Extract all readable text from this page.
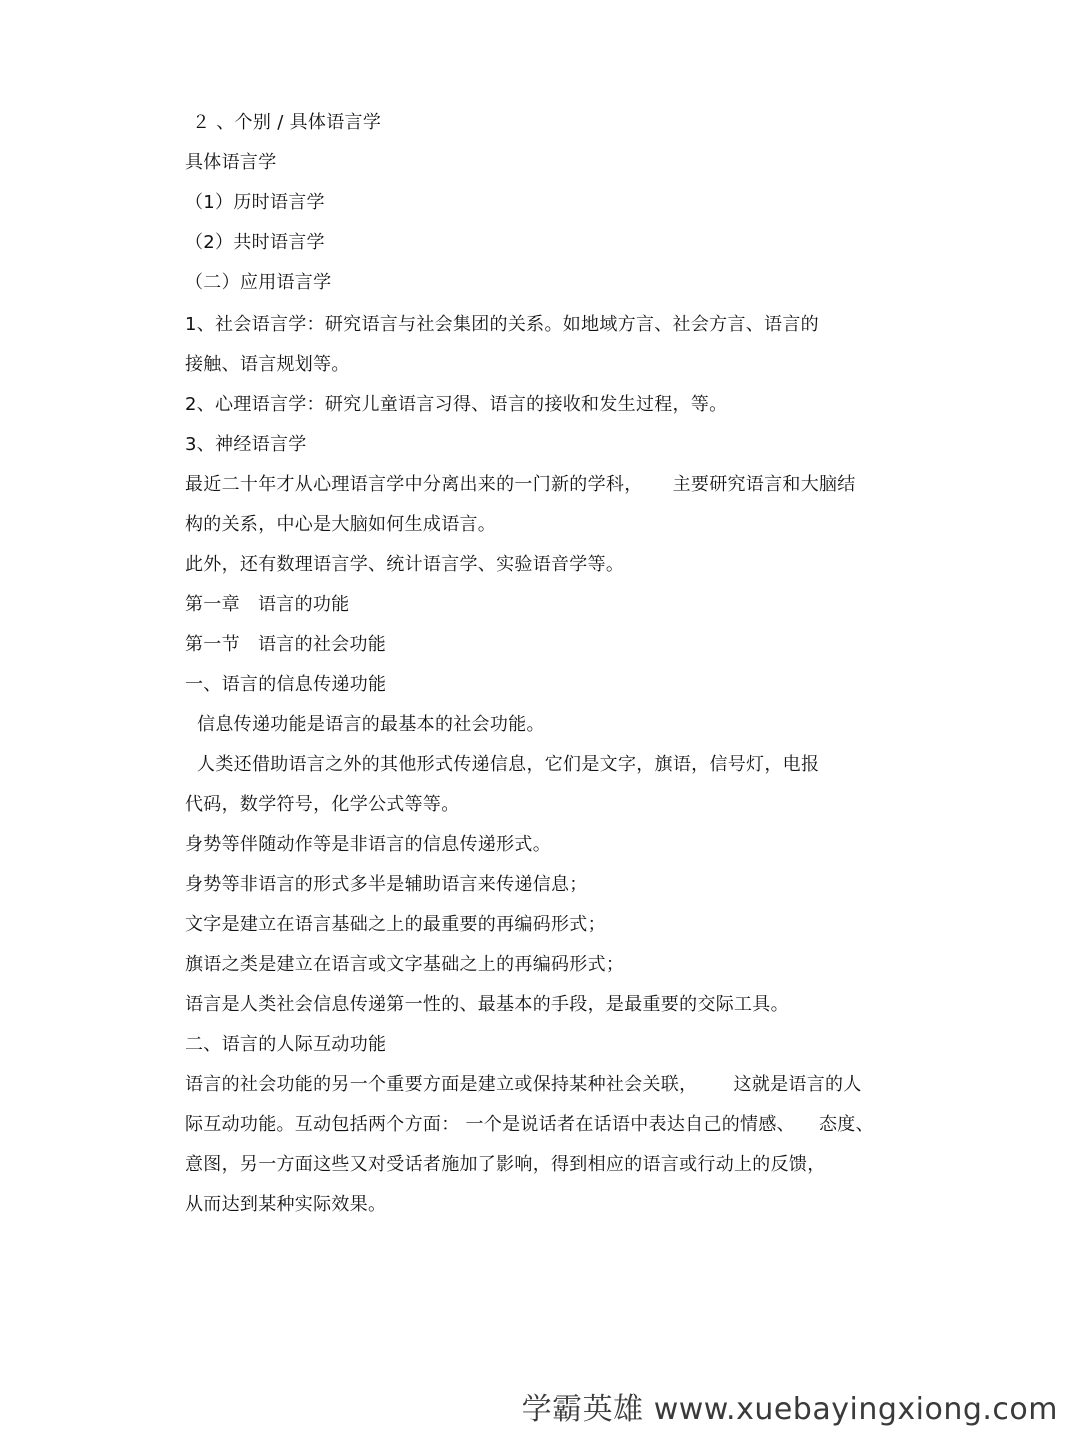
２ 、个别 / 具体语言学
具体语言学
（1）历时语言学
（2）共时语言学
（二）应用语言学
1、社会语言学：研究语言与社会集团的关系。如地域方言、社会方言、语言的
接触、语言规划等。
2、心理语言学：研究儿童语言习得、语言的接收和发生过程，等。
3、神经语言学
最近二十年才从心理语言学中分离出来的一门新的学科，     主要研究语言和大脑结
构的关系，中心是大脑如何生成语言。
此外，还有数理语言学、统计语言学、实验语音学等。
第一章   语言的功能
第一节   语言的社会功能
一、语言的信息传递功能
信息传递功能是语言的最基本的社会功能。
人类还借助语言之外的其他形式传递信息，它们是文字，旗语，信号灯，电报
代码，数学符号，化学公式等等。
身势等伴随动作等是非语言的信息传递形式。
身势等非语言的形式多半是辅助语言来传递信息；
文字是建立在语言基础之上的最重要的再编码形式；
旗语之类是建立在语言或文字基础之上的再编码形式；
语言是人类社会信息传递第一性的、最基本的手段，是最重要的交际工具。
二、语言的人际互动功能
语言的社会功能的另一个重要方面是建立或保持某种社会关联，      这就是语言的人
际互动功能。互动包括两个方面： 一个是说话者在话语中表达自己的情感、    态度、
意图，另一方面这些又对受话者施加了影响，得到相应的语言或行动上的反馈，
从而达到某种实际效果。
学霸英雄 www.xuebayingxiong.com
